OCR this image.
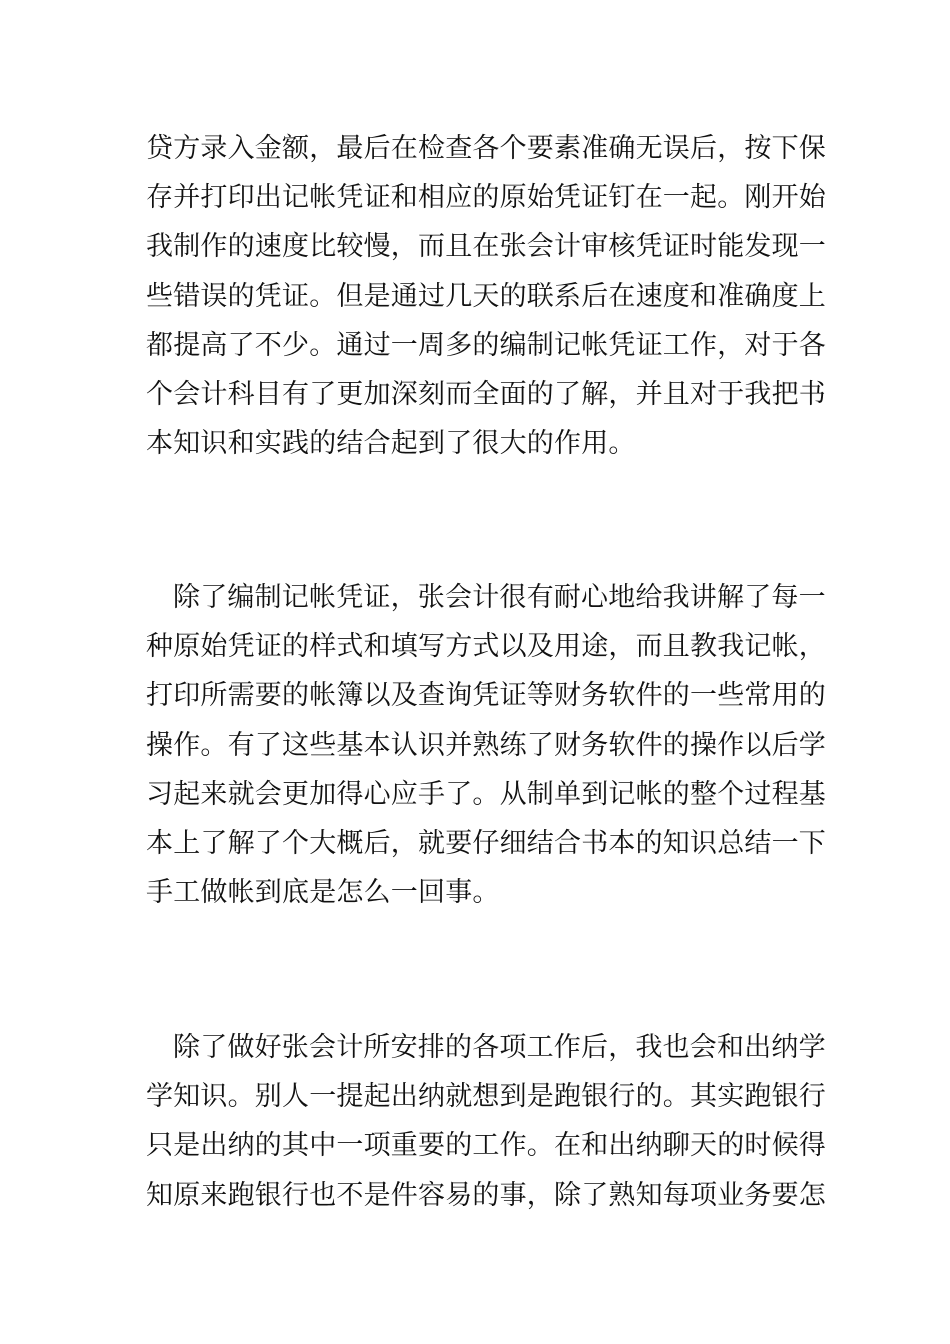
贷方录入金额，最后在检查各个要素准确无误后，按下保
存并打印出记帐凭证和相应的原始凭证钉在一起。刚开始
我制作的速度比较慢，而且在张会计审核凭证时能发现一
些错误的凭证。但是通过几天的联系后在速度和准确度上
都提高了不少。通过一周多的编制记帐凭证工作，对于各
个会计科目有了更加深刻而全面的了解，并且对于我把书
本知识和实践的结合起到了很大的作用。
除了编制记帐凭证，张会计很有耐心地给我讲解了每一
种原始凭证的样式和填写方式以及用途，而且教我记帐，
打印所需要的帐簿以及查询凭证等财务软件的一些常用的
操作。有了这些基本认识并熟练了财务软件的操作以后学
习起来就会更加得心应手了。从制单到记帐的整个过程基
本上了解了个大概后，就要仔细结合书本的知识总结一下
手工做帐到底是怎么一回事。
除了做好张会计所安排的各项工作后，我也会和出纳学
学知识。别人一提起出纳就想到是跑银行的。其实跑银行
只是出纳的其中一项重要的工作。在和出纳聊天的时候得
知原来跑银行也不是件容易的事，除了熟知每项业务要怎
